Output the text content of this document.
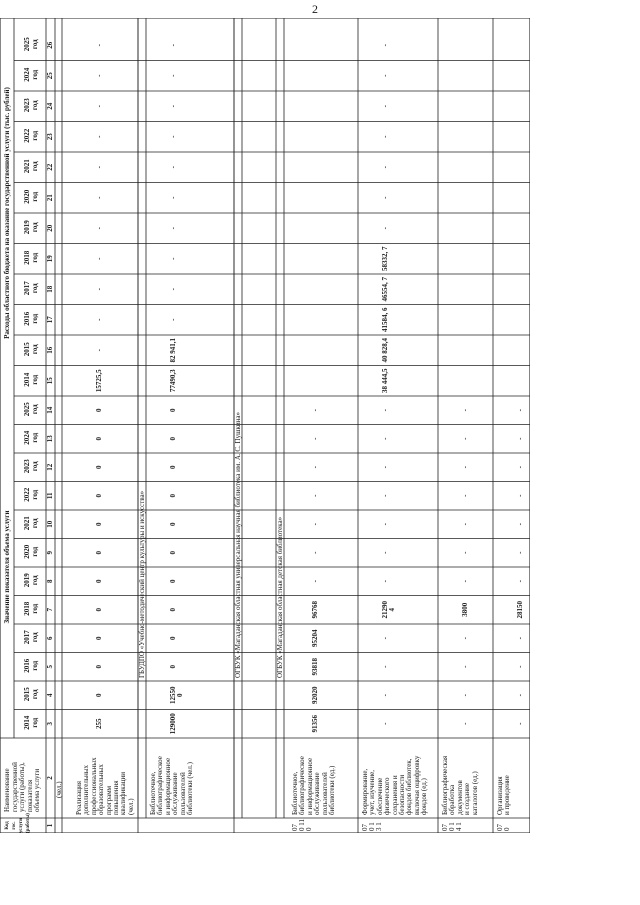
2
Код гос. услуги (работы)
Наименование государственной услуги (работы), показателя объема услуги
Значение показателя объема услуги
Расходы областного бюджета на оказание государственной услуги (тыс. рублей)
2014 год
2014 год
2015 год
2015 год
2016 год
2016 год
2017 год
2017 год
2018 год
2018 год
2019 год
2019 год
2020 год
2020 год
2021 год
2021 год
2022 год
2022 год
2023 год
2023 год
2024 год
2024 год
2025 год
2025 год
1
2
3
4
5
6
7
8
9
10
11
12
13
14
15
16
17
18
19
20
21
22
23
24
25
26
(чел.)
ГБУДПО «Учебно-методический центр культуры и искусства»	ОГБУК «Магаданская областная универсальная научная библиотека им. А. С. Пушкина»	ОГБУК «Магаданская областная детская библиотека»
Реализация дополнительных профессиональных образовательных программ повышения квалификации (чел.)
255
0
0
0
0
0
0
0
0
0
0
0
15725,5
-
-
-
-
-
-
-
-
-
-
-
Библиотечное, библиографическое и информационное обслуживание пользователей библиотеки (чел.)
129000
12550 0
0
0
0
0
0
0
0
0
0
0
77490,3
82 941,1
-
-
-
-
-
-
-
-
-
-
07 0 11 0
Библиотечное, библиографическое и информационное обслуживание пользователей библиотеки (ед.)
91356
92020
93818
95204
96768
-
-
-
-
-
-
-
07 0 13 1
Формирование, учет, изучение, обеспечение физического сохранения и безопасности фондов библиотек, включая оцифровку фондов (ед.)
-
-
-
-
21290 4
-
-
-
-
-
-
-
38 444,5
40 828,4
41584, 6
46554, 7
58332, 7
-
-
-
-
-
-
-
07 0 14 1
Библиографическая обработка документов и создание каталогов (ед.)
-
-
-
-
3800
-
-
-
-
-
-
-
07 0
Организация и проведение
-
-
-
-
28150
-
-
-
-
-
-
-
